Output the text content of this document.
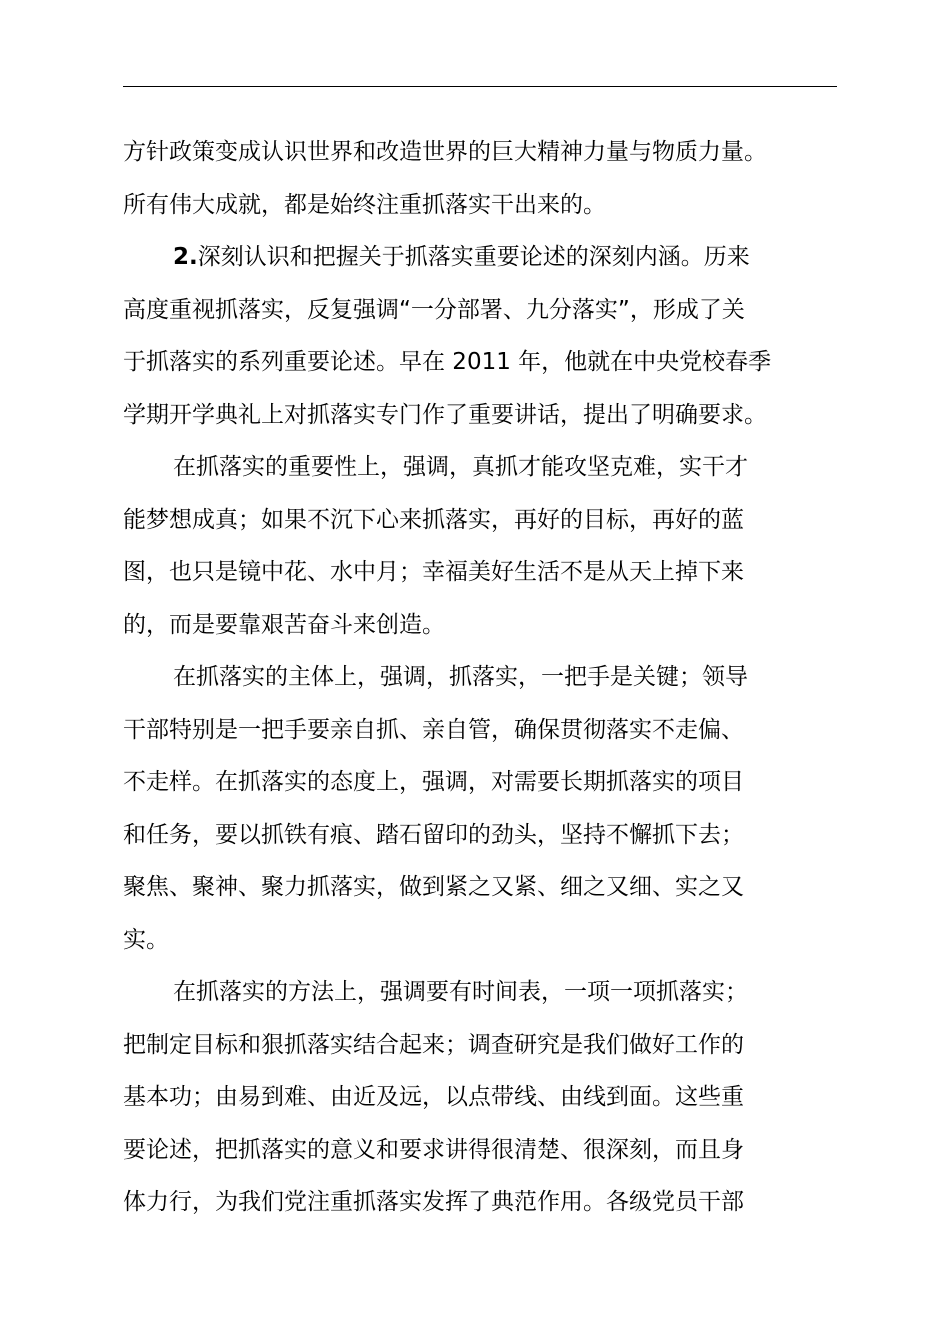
方针政策变成认识世界和改造世界的巨大精神力量与物质力量。
所有伟大成就，都是始终注重抓落实干出来的。
2.深刻认识和把握关于抓落实重要论述的深刻内涵。历来
高度重视抓落实，反复强调“一分部署、九分落实”，形成了关
于抓落实的系列重要论述。早在 2011 年，他就在中央党校春季
学期开学典礼上对抓落实专门作了重要讲话，提出了明确要求。
在抓落实的重要性上，强调，真抓才能攻坚克难，实干才
能梦想成真；如果不沉下心来抓落实，再好的目标，再好的蓝
图，也只是镜中花、水中月；幸福美好生活不是从天上掉下来
的，而是要靠艰苦奋斗来创造。
在抓落实的主体上，强调，抓落实，一把手是关键；领导
干部特别是一把手要亲自抓、亲自管，确保贯彻落实不走偏、
不走样。在抓落实的态度上，强调，对需要长期抓落实的项目
和任务，要以抓铁有痕、踏石留印的劲头，坚持不懈抓下去；
聚焦、聚神、聚力抓落实，做到紧之又紧、细之又细、实之又
实。
在抓落实的方法上，强调要有时间表，一项一项抓落实；
把制定目标和狠抓落实结合起来；调查研究是我们做好工作的
基本功；由易到难、由近及远，以点带线、由线到面。这些重
要论述，把抓落实的意义和要求讲得很清楚、很深刻，而且身
体力行，为我们党注重抓落实发挥了典范作用。各级党员干部
